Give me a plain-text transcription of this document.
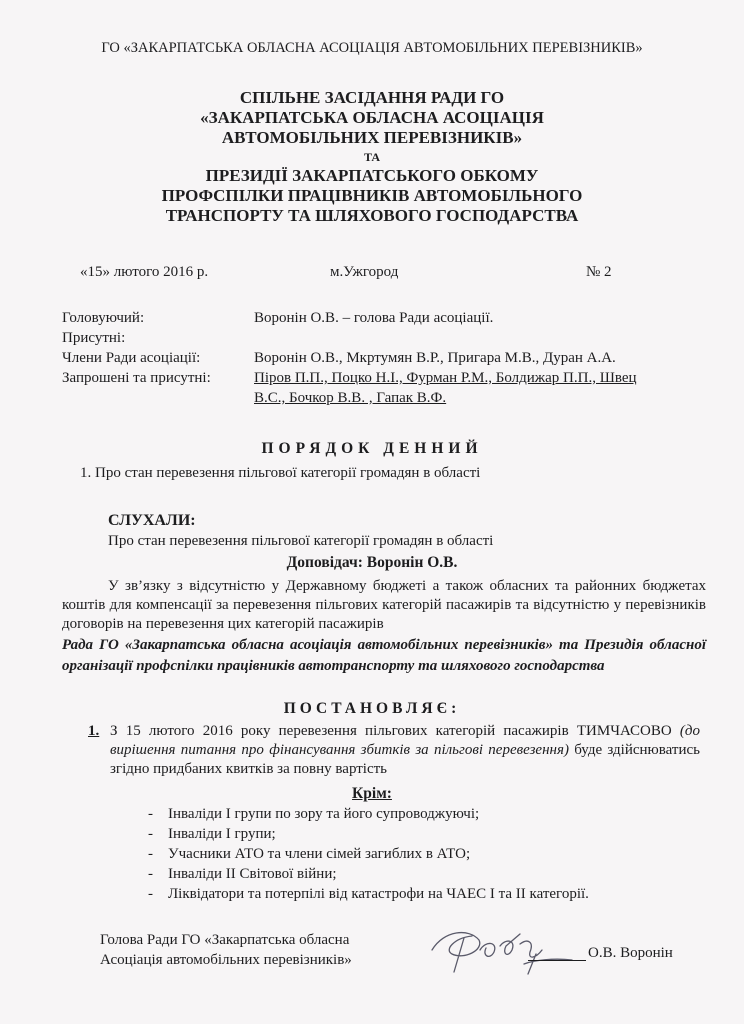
ГО «ЗАКАРПАТСЬКА ОБЛАСНА АСОЦІАЦІЯ АВТОМОБІЛЬНИХ ПЕРЕВІЗНИКІВ»
СПІЛЬНЕ ЗАСІДАННЯ РАДИ ГО
«ЗАКАРПАТСЬКА ОБЛАСНА АСОЦІАЦІЯ
АВТОМОБІЛЬНИХ ПЕРЕВІЗНИКІВ»
ТА
ПРЕЗИДІЇ ЗАКАРПАТСЬКОГО ОБКОМУ
ПРОФСПІЛКИ ПРАЦІВНИКІВ АВТОМОБІЛЬНОГО
ТРАНСПОРТУ ТА ШЛЯХОВОГО ГОСПОДАРСТВА
«15» лютого 2016 р.	м.Ужгород	№ 2
Головуючий:	Воронін О.В. – голова Ради асоціації.
Присутні:
Члени Ради асоціації:	Воронін О.В., Мкртумян В.Р., Пригара М.В., Дуран А.А.
Запрошені та присутні:	Піров П.П., Поцко Н.І., Фурман Р.М., Болдижар П.П., Швец
В.С., Бочкор В.В. , Гапак В.Ф.
ПОРЯДОК ДЕННИЙ
1. Про стан перевезення пільгової категорії громадян в області
СЛУХАЛИ:
Про стан перевезення пільгової категорії громадян в області
Доповідач: Воронін О.В.
У зв’язку з відсутністю у Державному бюджеті а також обласних та районних бюджетах коштів для компенсації за перевезення пільгових категорій пасажирів та відсутністю у перевізників договорів на перевезення цих категорій пасажирів
Рада ГО «Закарпатська обласна асоціація автомобільних перевізників» та Президія обласної організації профспілки працівників автотранспорту та шляхового господарства
ПОСТАНОВЛЯЄ:
1. З 15 лютого 2016 року перевезення пільгових категорій пасажирів ТИМЧАСОВО (до вирішення питання про фінансування збитків за пільгові перевезення) буде здійснюватись згідно придбаних квитків за повну вартість
Крім:
- Інваліди I групи по зору та його супроводжуючі;
- Інваліди I групи;
- Учасники АТО та члени сімей загиблих в АТО;
- Інваліди II Світової війни;
- Ліквідатори та потерпілі від катастрофи на ЧАЕС I та II категорії.
Голова Ради ГО «Закарпатська обласна
Асоціація автомобільних перевізників»	О.В. Воронін
